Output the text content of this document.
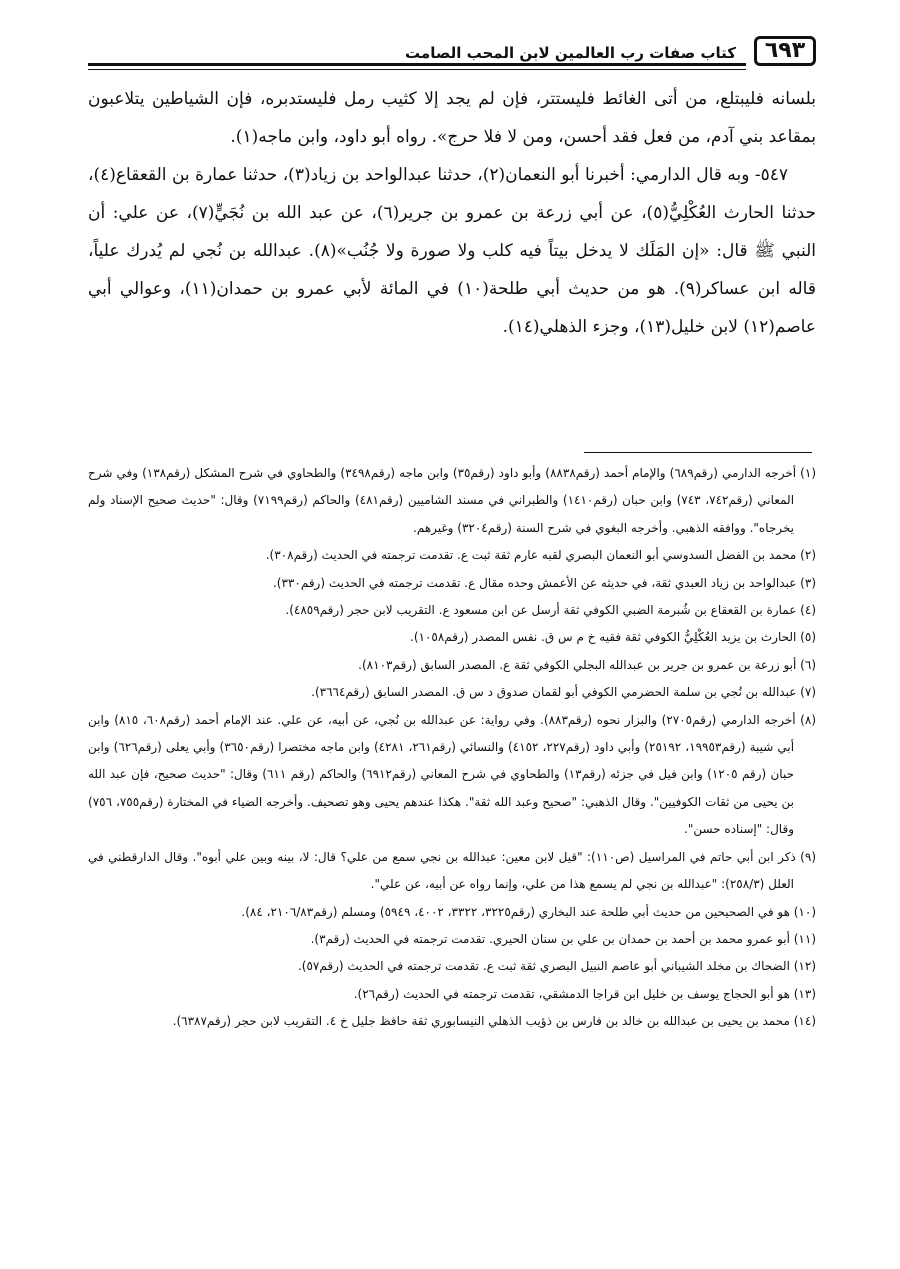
٦٩٣
كتاب صفات رب العالمين لابن المحب الصامت

بلسانه فليبتلع، من أتى الغائط فليستتر، فإن لم يجد إلا كثيب رمل فليستدبره، فإن الشياطين يتلاعبون بمقاعد بني آدم، من فعل فقد أحسن، ومن لا فلا حرج». رواه أبو داود، وابن ماجه(١).

٥٤٧- وبه قال الدارمي: أخبرنا أبو النعمان(٢)، حدثنا عبدالواحد بن زياد(٣)، حدثنا عمارة بن القعقاع(٤)، حدثنا الحارث العُكْلِيُّ(٥)، عن أبي زرعة بن عمرو بن جرير(٦)، عن عبد الله بن نُجَيٍّ(٧)، عن علي: أن النبي ﷺ قال: «إن المَلَك لا يدخل بيتاً فيه كلب ولا صورة ولا جُنُب»(٨). عبدالله بن نُجي لم يُدرك علياً، قاله ابن عساكر(٩). هو من حديث أبي طلحة(١٠) في المائة لأبي عمرو بن حمدان(١١)، وعوالي أبي عاصم(١٢) لابن خليل(١٣)، وجزء الذهلي(١٤).

(١) أخرجه الدارمي (رقم٦٨٩) والإمام أحمد (رقم٨٨٣٨) وأبو داود (رقم٣٥) وابن ماجه (رقم٣٤٩٨) والطحاوي في شرح المشكل (رقم١٣٨) وفي شرح المعاني (رقم٧٤٢، ٧٤٣) وابن حبان (رقم١٤١٠) والطبراني في مسند الشاميين (رقم٤٨١) والحاكم (رقم٧١٩٩) وقال: "حديث صحيح الإسناد ولم يخرجاه". ووافقه الذهبي. وأخرجه البغوي في شرح السنة (رقم٣٢٠٤) وغيرهم.

(٢) محمد بن الفضل السدوسي أبو النعمان البصري لقبه عارم ثقة ثبت ع. تقدمت ترجمته في الحديث (رقم٣٠٨).

(٣) عبدالواحد بن زياد العبدي ثقة، في حديثه عن الأعمش وحده مقال ع. تقدمت ترجمته في الحديث (رقم٣٣٠).

(٤) عمارة بن القعقاع بن شُبرمة الضبي الكوفي ثقة أرسل عن ابن مسعود ع. التقريب لابن حجر (رقم٤٨٥٩).

(٥) الحارث بن يزيد العُكْلِيُّ الكوفي ثقة فقيه خ م س ق. نفس المصدر (رقم١٠٥٨).

(٦) أبو زرعة بن عمرو بن جرير بن عبدالله البجلي الكوفي ثقة ع. المصدر السابق (رقم٨١٠٣).

(٧) عبدالله بن نُجي بن سلمة الحضرمي الكوفي أبو لقمان صدوق د س ق. المصدر السابق (رقم٣٦٦٤).

(٨) أخرجه الدارمي (رقم٢٧٠٥) والبزار نحوه (رقم٨٨٣). وفي رواية: عن عبدالله بن نُجي، عن أبيه، عن علي. عند الإمام أحمد (رقم٦٠٨، ٨١٥) وابن أبي شيبة (رقم١٩٩٥٣، ٢٥١٩٢) وأبي داود (رقم٢٢٧، ٤١٥٢) والنسائي (رقم٢٦١، ٤٢٨١) وابن ماجه مختصرا (رقم٣٦٥٠) وأبي يعلى (رقم٦٢٦) وابن حبان (رقم ١٢٠٥) وابن فيل في جزئه (رقم١٣) والطحاوي في شرح المعاني (رقم٦٩١٢) والحاكم (رقم ٦١١) وقال: "حديث صحيح، فإن عبد الله بن يحيى من ثقات الكوفيين". وقال الذهبي: "صحيح وعبد الله ثقة". هكذا عندهم يحيى وهو تصحيف. وأخرجه الضياء في المختارة (رقم٧٥٥، ٧٥٦) وقال: "إسناده حسن".

(٩) ذكر ابن أبي حاتم في المراسيل (ص١١٠): "قيل لابن معين: عبدالله بن نجي سمع من علي؟ قال: لا، بينه وبين علي أبوه". وقال الدارقطني في العلل (٢٥٨/٣): "عبدالله بن نجي لم يسمع هذا من علي، وإنما رواه عن أبيه، عن علي".

(١٠) هو في الصحيحين من حديث أبي طلحة عند البخاري (رقم٣٢٢٥، ٣٣٢٢، ٤٠٠٢، ٥٩٤٩) ومسلم (رقم٢١٠٦/٨٣، ٨٤).

(١١) أبو عمرو محمد بن أحمد بن حمدان بن علي بن سنان الحيري. تقدمت ترجمته في الحديث (رقم٣).

(١٢) الضحاك بن مخلد الشيباني أبو عاصم النبيل البصري ثقة ثبت ع. تقدمت ترجمته في الحديث (رقم٥٧).

(١٣) هو أبو الحجاج يوسف بن خليل ابن قراجا الدمشقي، تقدمت ترجمته في الحديث (رقم٢٦).

(١٤) محمد بن يحيى بن عبدالله بن خالد بن فارس بن ذؤيب الذهلي النيسابوري ثقة حافظ جليل خ ٤. التقريب لابن حجر (رقم٦٣٨٧).
